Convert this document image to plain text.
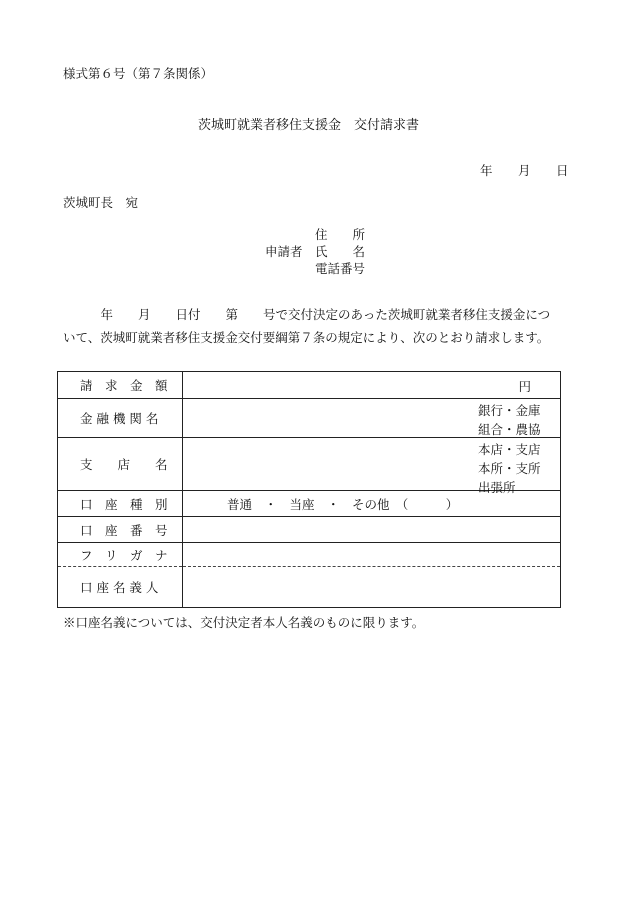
様式第６号（第７条関係）
茨城町就業者移住支援金　交付請求書
年 月 日
茨城町長　宛
申請者
住　　所
氏　　名
電話番号

　　　年　　月　　日付　　第　　号で交付決定のあった茨城町就業者移住支援金につ

いて、茨城町就業者移住支援金交付要綱第７条の規定により、次のとおり請求します。

請　求　金　額	円

金 融 機 関 名	銀行・金庫
組合・農協

支　　店　　名	本店・支店
本所・支所
出張所

口　座　種　別	普通　・　当座　・　その他　（　　　）

口　座　番　号	

フ　リ　ガ　ナ	

口 座 名 義 人	

※口座名義については、交付決定者本人名義のものに限ります。
